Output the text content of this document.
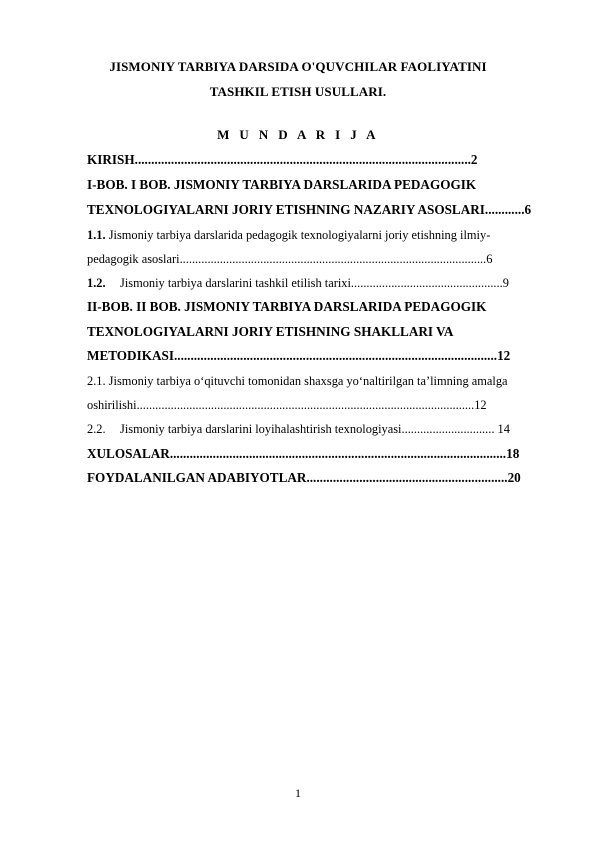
JISMONIY TARBIYA DARSIDA O'QUVCHILAR FAOLIYATINI
TASHKIL ETISH USULLARI.
M U N D A R I J A
KIRISH......................................................................................................2
I-BOB. I BOB. JISMONIY TARBIYA DARSLARIDA PEDAGOGIK
TEXNOLOGIYALARNI JORIY ETISHNING NAZARIY ASOSLARI............6
1.1. Jismoniy tarbiya darslarida pedagogik texnologiyalarni joriy etishning ilmiy-
pedagogik asoslari...................................................................................................6
1.2. Jismoniy tarbiya darslarini tashkil etilish tarixi.................................................9
II-BOB. II BOB. JISMONIY TARBIYA DARSLARIDA PEDAGOGIK
TEXNOLOGIYALARNI JORIY ETISHNING SHAKLLARI VA
METODIKASI..................................................................................................12
2.1. Jismoniy tarbiya o‘qituvchi tomonidan shaxsga yo‘naltirilgan ta’limning amalga
oshirilishi.............................................................................................................12
2.2. Jismoniy tarbiya darslarini loyihalashtirish texnologiyasi.............................. 14
XULOSALAR......................................................................................................18
FOYDALANILGAN ADABIYOTLAR.............................................................20
1
